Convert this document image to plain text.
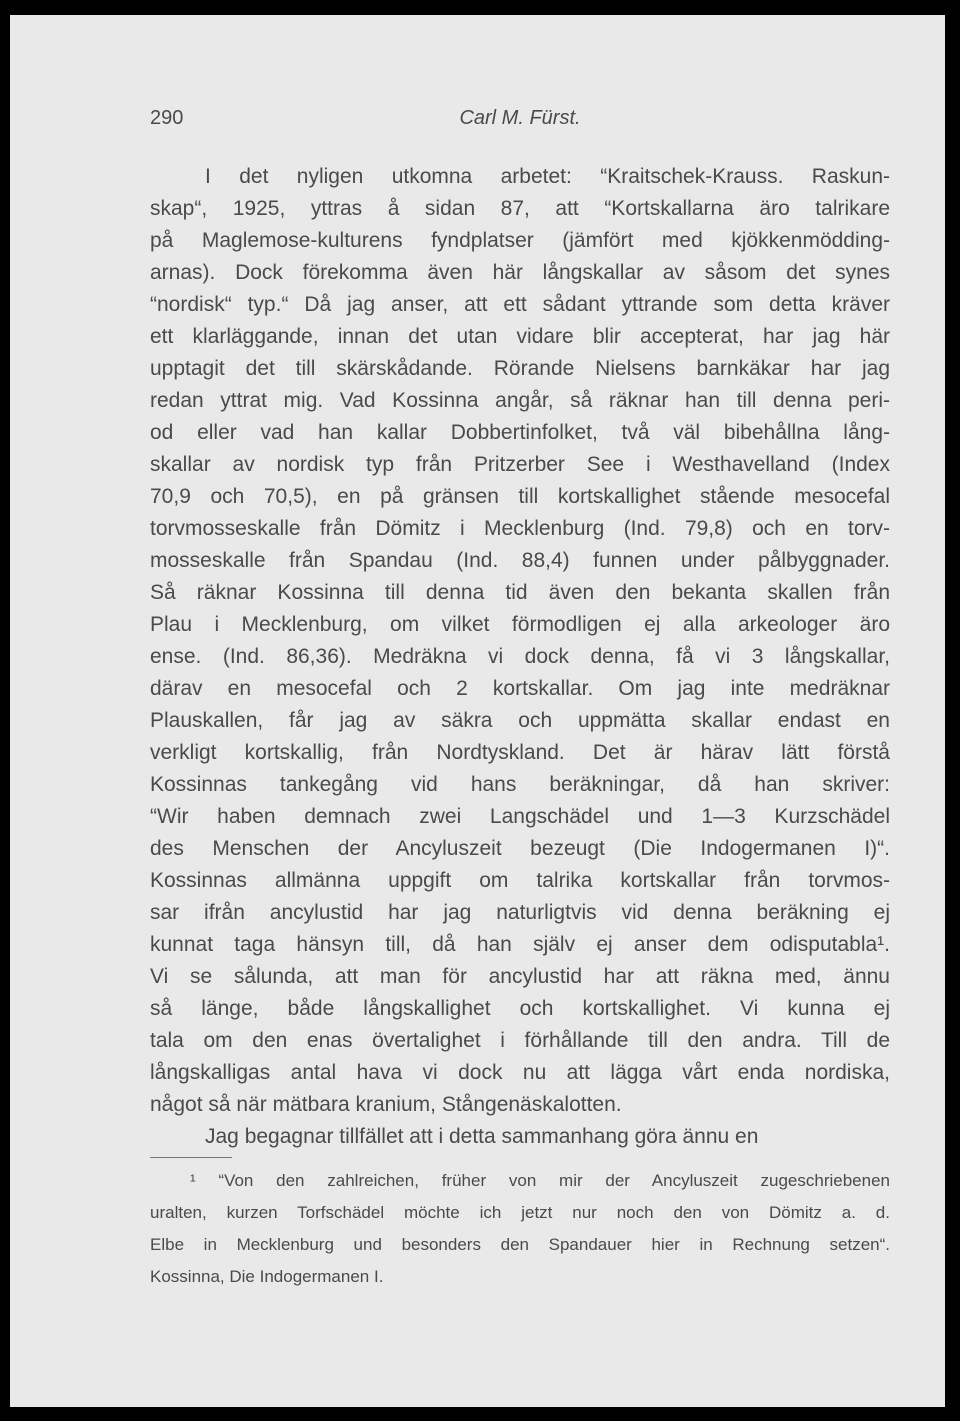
290	Carl M. Fürst.
I det nyligen utkomna arbetet: “Kraitschek-Krauss. Raskun-
skap“, 1925, yttras å sidan 87, att “Kortskallarna äro talrikare
på Maglemose-kulturens fyndplatser (jämfört med kjökkenmödding-
arnas). Dock förekomma även här långskallar av såsom det synes
“nordisk“ typ.“ Då jag anser, att ett sådant yttrande som detta kräver
ett klarläggande, innan det utan vidare blir accepterat, har jag här
upptagit det till skärskådande. Rörande Nielsens barnkäkar har jag
redan yttrat mig. Vad Kossinna angår, så räknar han till denna peri-
od eller vad han kallar Dobbertinfolket, två väl bibehållna lång-
skallar av nordisk typ från Pritzerber See i Westhavelland (Index
70,9 och 70,5), en på gränsen till kortskallighet stående mesocefal
torvmosseskalle från Dömitz i Mecklenburg (Ind. 79,8) och en torv-
mosseskalle från Spandau (Ind. 88,4) funnen under pålbyggnader.
Så räknar Kossinna till denna tid även den bekanta skallen från
Plau i Mecklenburg, om vilket förmodligen ej alla arkeologer äro
ense. (Ind. 86,36). Medräkna vi dock denna, få vi 3 långskallar,
därav en mesocefal och 2 kortskallar. Om jag inte medräknar
Plauskallen, får jag av säkra och uppmätta skallar endast en
verkligt kortskallig, från Nordtyskland. Det är härav lätt förstå
Kossinnas tankegång vid hans beräkningar, då han skriver:
“Wir haben demnach zwei Langschädel und 1—3 Kurzschädel
des Menschen der Ancyluszeit bezeugt (Die Indogermanen I)“.
Kossinnas allmänna uppgift om talrika kortskallar från torvmos-
sar ifrån ancylustid har jag naturligtvis vid denna beräkning ej
kunnat taga hänsyn till, då han själv ej anser dem odisputabla¹.
Vi se sålunda, att man för ancylustid har att räkna med, ännu
så länge, både långskallighet och kortskallighet. Vi kunna ej
tala om den enas övertalighet i förhållande till den andra. Till de
långskalligas antal hava vi dock nu att lägga vårt enda nordiska,
något så när mätbara kranium, Stångenäskalotten.
Jag begagnar tillfället att i detta sammanhang göra ännu en
¹ “Von den zahlreichen, früher von mir der Ancyluszeit zugeschriebenen
uralten, kurzen Torfschädel möchte ich jetzt nur noch den von Dömitz a. d.
Elbe in Mecklenburg und besonders den Spandauer hier in Rechnung setzen“.
Kossinna, Die Indogermanen I.
